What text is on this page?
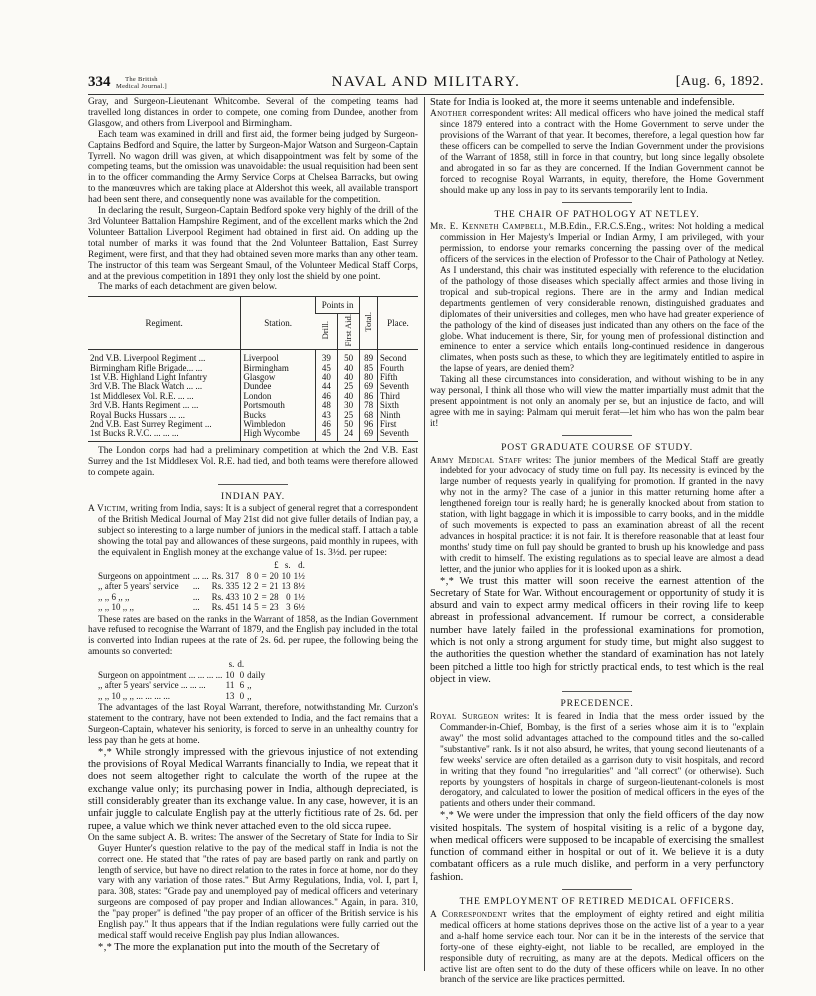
334	The British
Medical Journal.]	NAVAL AND MILITARY.	[Aug. 6, 1892.

Gray, and Surgeon-Lieutenant Whitcombe. Several of the competing teams had travelled long distances in order to compete, one coming from Dundee, another from Glasgow, and others from Liverpool and Birmingham.

Each team was examined in drill and first aid, the former being judged by Surgeon-Captains Bedford and Squire, the latter by Surgeon-Major Watson and Surgeon-Captain Tyrrell. No wagon drill was given, at which disappointment was felt by some of the competing teams, but the omission was unavoidable: the usual requisition had been sent in to the officer commanding the Army Service Corps at Chelsea Barracks, but owing to the manœuvres which are taking place at Aldershot this week, all available transport had been sent there, and consequently none was available for the competition.

In declaring the result, Surgeon-Captain Bedford spoke very highly of the drill of the 3rd Volunteer Battalion Hampshire Regiment, and of the excellent marks which the 2nd Volunteer Battalion Liverpool Regiment had obtained in first aid. On adding up the total number of marks it was found that the 2nd Volunteer Battalion, East Surrey Regiment, were first, and that they had obtained seven more marks than any other team. The instructor of this team was Sergeant Smaul, of the Volunteer Medical Staff Corps, and at the previous competition in 1891 they only lost the shield by one point.

The marks of each detachment are given below.

Regiment.	Station.	Points in		Total.	Place.
		Drill.	First Aid.		
2nd V.B. Liverpool Regiment ...	Liverpool	39	50	89	Second
Birmingham Rifle Brigade... ...	Birmingham	45	40	85	Fourth
1st V.B. Highland Light Infantry	Glasgow	40	40	80	Fifth
3rd V.B. The Black Watch ... ...	Dundee	44	25	69	Seventh
1st Middlesex Vol. R.E. ... ...	London	46	40	86	Third
3rd V.B. Hants Regiment ... ...	Portsmouth	48	30	78	Sixth
Royal Bucks Hussars ... ...	Bucks	43	25	68	Ninth
2nd V.B. East Surrey Regiment ...	Wimbledon	46	50	96	First
1st Bucks R.V.C. ... ... ...	High Wycombe	45	24	69	Seventh

The London corps had had a preliminary competition at which the 2nd V.B. East Surrey and the 1st Middlesex Vol. R.E. had tied, and both teams were therefore allowed to compete again.

INDIAN PAY.

A Victim, writing from India, says: It is a subject of general regret that a correspondent of the British Medical Journal of May 21st did not give fuller details of Indian pay, a subject so interesting to a large number of juniors in the medical staff. I attach a table showing the total pay and allowances of these surgeons, paid monthly in rupees, with the equivalent in English money at the exchange value of 1s. 3½d. per rupee:

						£	s.	d.
Surgeons on appointment	... ...	Rs. 317	8	0	=	20	10	1½
,, after 5 years' service	...	Rs. 335	12	2	=	21	13	8½
,, ,, 6 ,, ,,	...	Rs. 433	10	2	=	28	0	1½
,, ,, 10 ,, ,,	...	Rs. 451	14	5	=	23	3	6½

These rates are based on the ranks in the Warrant of 1858, as the Indian Government have refused to recognise the Warrant of 1879, and the English pay included in the total is converted into Indian rupees at the rate of 2s. 6d. per rupee, the following being the amounts so converted:

	s.	d.	
Surgeon on appointment ... ... ... ...	10	0	daily
,, after 5 years' service ... ... ...	11	6	,,
,, ,, 10 ,, ,, ... ... ... ...	13	0	,,

The advantages of the last Royal Warrant, therefore, notwithstanding Mr. Curzon's statement to the contrary, have not been extended to India, and the fact remains that a Surgeon-Captain, whatever his seniority, is forced to serve in an unhealthy country for less pay than he gets at home.

*‚* While strongly impressed with the grievous injustice of not extending the provisions of Royal Medical Warrants financially to India, we repeat that it does not seem altogether right to calculate the worth of the rupee at the exchange value only; its purchasing power in India, although depreciated, is still considerably greater than its exchange value. In any case, however, it is an unfair juggle to calculate English pay at the utterly fictitious rate of 2s. 6d. per rupee, a value which we think never attached even to the old sicca rupee.

On the same subject A. B. writes: The answer of the Secretary of State for India to Sir Guyer Hunter's question relative to the pay of the medical staff in India is not the correct one. He stated that "the rates of pay are based partly on rank and partly on length of service, but have no direct relation to the rates in force at home, nor do they vary with any variation of those rates." But Army Regulations, India, vol. I, part I, para. 308, states: "Grade pay and unemployed pay of medical officers and veterinary surgeons are composed of pay proper and Indian allowances." Again, in para. 310, the "pay proper" is defined "the pay proper of an officer of the British service is his English pay." It thus appears that if the Indian regulations were fully carried out the medical staff would receive English pay plus Indian allowances.

*‚* The more the explanation put into the mouth of the Secretary of

State for India is looked at, the more it seems untenable and indefensible.

Another correspondent writes: All medical officers who have joined the medical staff since 1879 entered into a contract with the Home Government to serve under the provisions of the Warrant of that year. It becomes, therefore, a legal question how far these officers can be compelled to serve the Indian Government under the provisions of the Warrant of 1858, still in force in that country, but long since legally obsolete and abrogated in so far as they are concerned. If the Indian Government cannot be forced to recognise Royal Warrants, in equity, therefore, the Home Government should make up any loss in pay to its servants temporarily lent to India.

THE CHAIR OF PATHOLOGY AT NETLEY.

Mr. E. Kenneth Campbell, M.B.Edin., F.R.C.S.Eng., writes: Not holding a medical commission in Her Majesty's Imperial or Indian Army, I am privileged, with your permission, to endorse your remarks concerning the passing over of the medical officers of the services in the election of Professor to the Chair of Pathology at Netley. As I understand, this chair was instituted especially with reference to the elucidation of the pathology of those diseases which specially affect armies and those living in tropical and sub-tropical regions. There are in the army and Indian medical departments gentlemen of very considerable renown, distinguished graduates and diplomates of their universities and colleges, men who have had greater experience of the pathology of the kind of diseases just indicated than any others on the face of the globe. What inducement is there, Sir, for young men of professional distinction and eminence to enter a service which entails long-continued residence in dangerous climates, when posts such as these, to which they are legitimately entitled to aspire in the lapse of years, are denied them?

Taking all these circumstances into consideration, and without wishing to be in any way personal, I think all those who will view the matter impartially must admit that the present appointment is not only an anomaly per se, but an injustice de facto, and will agree with me in saying: Palmam qui meruit ferat—let him who has won the palm bear it!

POST GRADUATE COURSE OF STUDY.

Army Medical Staff writes: The junior members of the Medical Staff are greatly indebted for your advocacy of study time on full pay. Its necessity is evinced by the large number of requests yearly in qualifying for promotion. If granted in the navy why not in the army? The case of a junior in this matter returning home after a lengthened foreign tour is really hard; he is generally knocked about from station to station, with light baggage in which it is impossible to carry books, and in the middle of such movements is expected to pass an examination abreast of all the recent advances in hospital practice: it is not fair. It is therefore reasonable that at least four months' study time on full pay should be granted to brush up his knowledge and pass with credit to himself. The existing regulations as to special leave are almost a dead letter, and the junior who applies for it is looked upon as a shirk.

*‚* We trust this matter will soon receive the earnest attention of the Secretary of State for War. Without encouragement or opportunity of study it is absurd and vain to expect army medical officers in their roving life to keep abreast in professional advancement. If rumour be correct, a considerable number have lately failed in the professional examinations for promotion, which is not only a strong argument for study time, but might also suggest to the authorities the question whether the standard of examination has not lately been pitched a little too high for strictly practical ends, to test which is the real object in view.

PRECEDENCE.

Royal Surgeon writes: It is feared in India that the mess order issued by the Commander-in-Chief, Bombay, is the first of a series whose aim it is to "explain away" the most solid advantages attached to the compound titles and the so-called "substantive" rank. Is it not also absurd, he writes, that young second lieutenants of a few weeks' service are often detailed as a garrison duty to visit hospitals, and record in writing that they found "no irregularities" and "all correct" (or otherwise). Such reports by youngsters of hospitals in charge of surgeon-lieutenant-colonels is most derogatory, and calculated to lower the position of medical officers in the eyes of the patients and others under their command.

*‚* We were under the impression that only the field officers of the day now visited hospitals. The system of hospital visiting is a relic of a bygone day, when medical officers were supposed to be incapable of exercising the smallest function of command either in hospital or out of it. We believe it is a duty combatant officers as a rule much dislike, and perform in a very perfunctory fashion.

THE EMPLOYMENT OF RETIRED MEDICAL OFFICERS.

A Correspondent writes that the employment of eighty retired and eight militia medical officers at home stations deprives those on the active list of a year to a year and a-half home service each tour. Nor can it be in the interests of the service that forty-one of these eighty-eight, not liable to be recalled, are employed in the responsible duty of recruiting, as many are at the depots. Medical officers on the active list are often sent to do the duty of these officers while on leave. In no other branch of the service are like practices permitted.
